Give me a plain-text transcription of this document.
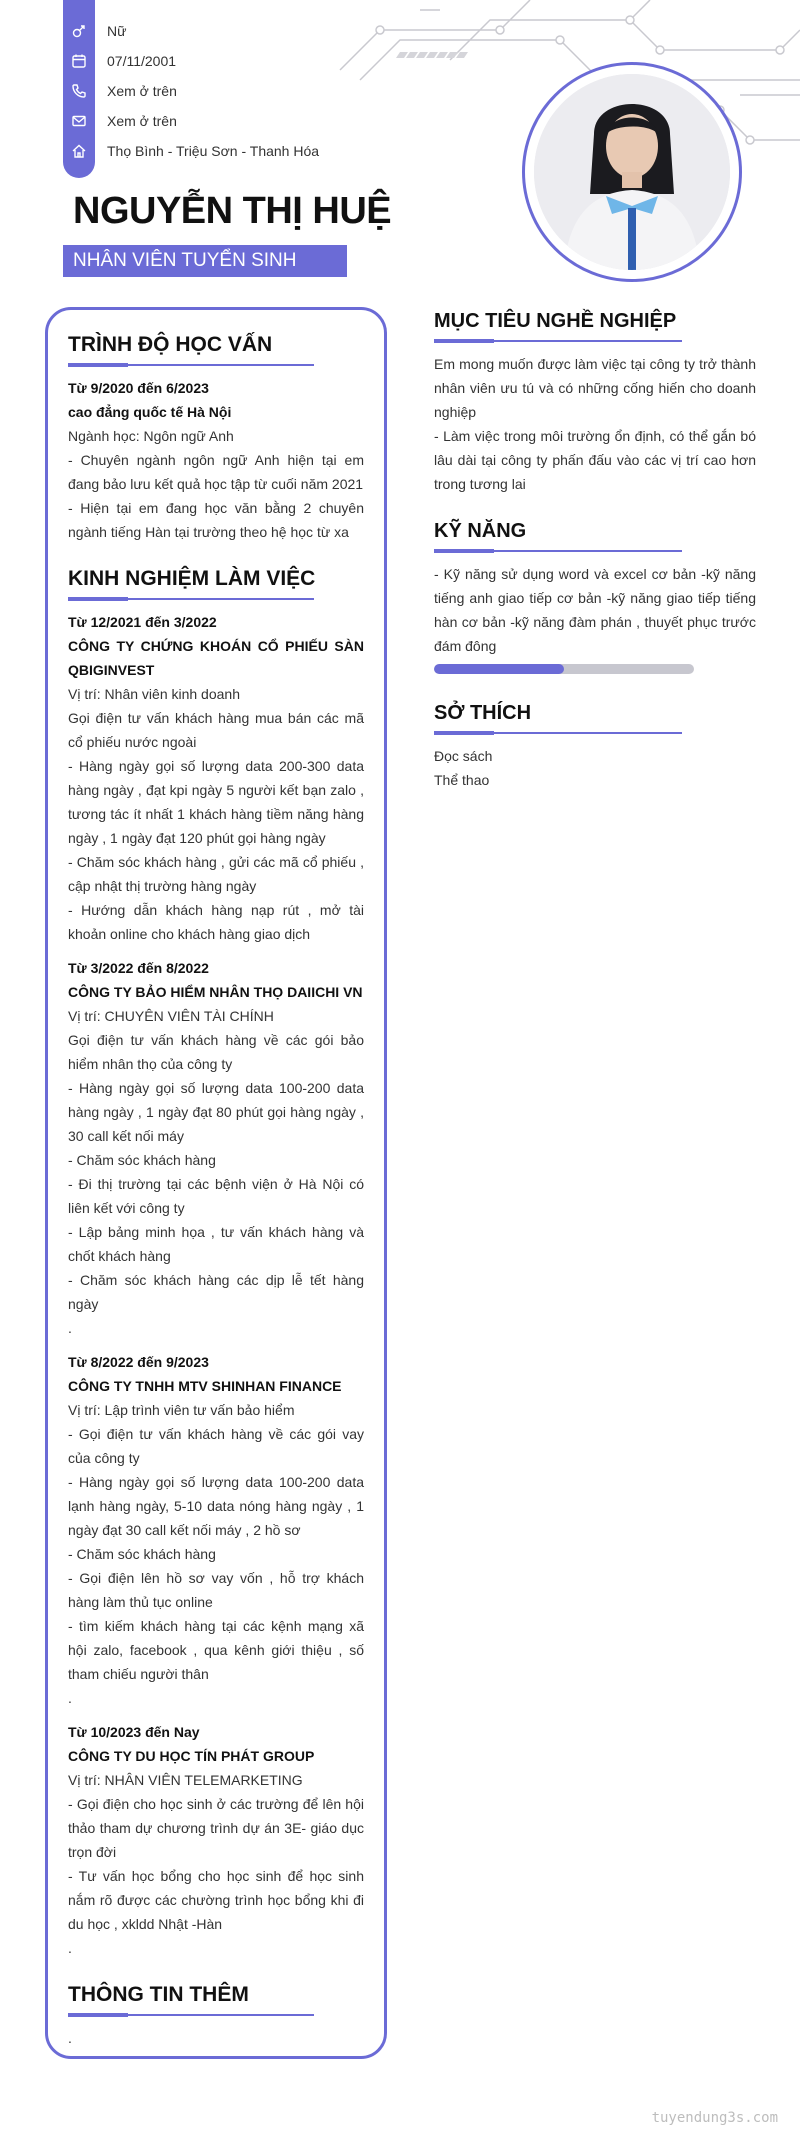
Nữ
07/11/2001
Xem ở trên
Xem ở trên
Thọ Bình - Triệu Sơn - Thanh Hóa
NGUYỄN THỊ HUỆ
NHÂN VIÊN TUYỂN SINH
TRÌNH ĐỘ HỌC VẤN
Từ 9/2020 đến 6/2023
cao đẳng quốc tế Hà Nội
Ngành học: Ngôn ngữ Anh
- Chuyên ngành ngôn ngữ Anh hiện tại em đang bảo lưu kết quả học tập từ cuối năm 2021
- Hiện tại em đang học văn bằng 2 chuyên ngành tiếng Hàn tại trường theo hệ học từ xa
KINH NGHIỆM LÀM VIỆC
Từ 12/2021 đến 3/2022
CÔNG TY CHỨNG KHOÁN CỔ PHIẾU SÀN QBIGINVEST
Vị trí: Nhân viên kinh doanh
Gọi điện tư vấn khách hàng mua bán các mã cổ phiếu nước ngoài
- Hàng ngày gọi số lượng data 200-300 data hàng ngày , đạt kpi ngày 5 người kết bạn zalo , tương tác ít nhất 1 khách hàng tiềm năng hàng ngày , 1 ngày đạt 120 phút gọi hàng ngày
- Chăm sóc khách hàng , gửi các mã cổ phiếu , cập nhật thị trường hàng ngày
- Hướng dẫn khách hàng nạp rút , mở tài khoản online cho khách hàng giao dịch
Từ 3/2022 đến 8/2022
CÔNG TY BẢO HIỂM NHÂN THỌ DAIICHI VN
Vị trí: CHUYÊN VIÊN TÀI CHÍNH
Gọi điện tư vấn khách hàng về các gói bảo hiểm nhân thọ của công ty
- Hàng ngày gọi số lượng data 100-200 data hàng ngày , 1 ngày đạt 80 phút gọi hàng ngày , 30 call kết nối máy
- Chăm sóc khách hàng
- Đi thị trường tại các bệnh viện ở Hà Nội có liên kết với công ty
- Lập bảng minh họa , tư vấn khách hàng và chốt khách hàng
- Chăm sóc khách hàng các dịp lễ tết hàng ngày
.
Từ 8/2022 đến 9/2023
CÔNG TY TNHH MTV SHINHAN FINANCE
Vị trí: Lập trình viên tư vấn bảo hiểm
- Gọi điện tư vấn khách hàng về các gói vay của công ty
- Hàng ngày gọi số lượng data 100-200 data lạnh hàng ngày, 5-10 data nóng hàng ngày , 1 ngày đạt 30 call kết nối máy , 2 hồ sơ
- Chăm sóc khách hàng
- Gọi điện lên hồ sơ vay vốn , hỗ trợ khách hàng làm thủ tục online
- tìm kiếm khách hàng tại các kệnh mạng xã hội zalo, facebook , qua kênh giới thiệu , số tham chiếu người thân
.
Từ 10/2023 đến Nay
CÔNG TY DU HỌC TÍN PHÁT GROUP
Vị trí: NHÂN VIÊN TELEMARKETING
- Gọi điện cho học sinh ở các trường để lên hội thảo tham dự chương trình dự án 3E- giáo dục trọn đời
- Tư vấn học bổng cho học sinh để học sinh nắm rõ được các chường trình học bổng khi đi du học , xkldd Nhật -Hàn
.
THÔNG TIN THÊM
.
MỤC TIÊU NGHỀ NGHIỆP
Em mong muốn được làm việc tại công ty trở thành nhân viên ưu tú và có những cống hiến cho doanh nghiệp
- Làm việc trong môi trường ổn định, có thể gắn bó lâu dài tại công ty phấn đấu vào các vị trí cao hơn trong tương lai
KỸ NĂNG
- Kỹ năng sử dụng word và excel cơ bản -kỹ năng tiếng anh giao tiếp cơ bản -kỹ năng giao tiếp tiếng hàn cơ bản -kỹ năng đàm phán , thuyết phục trước đám đông
SỞ THÍCH
Đọc sách
Thể thao
tuyendung3s.com
